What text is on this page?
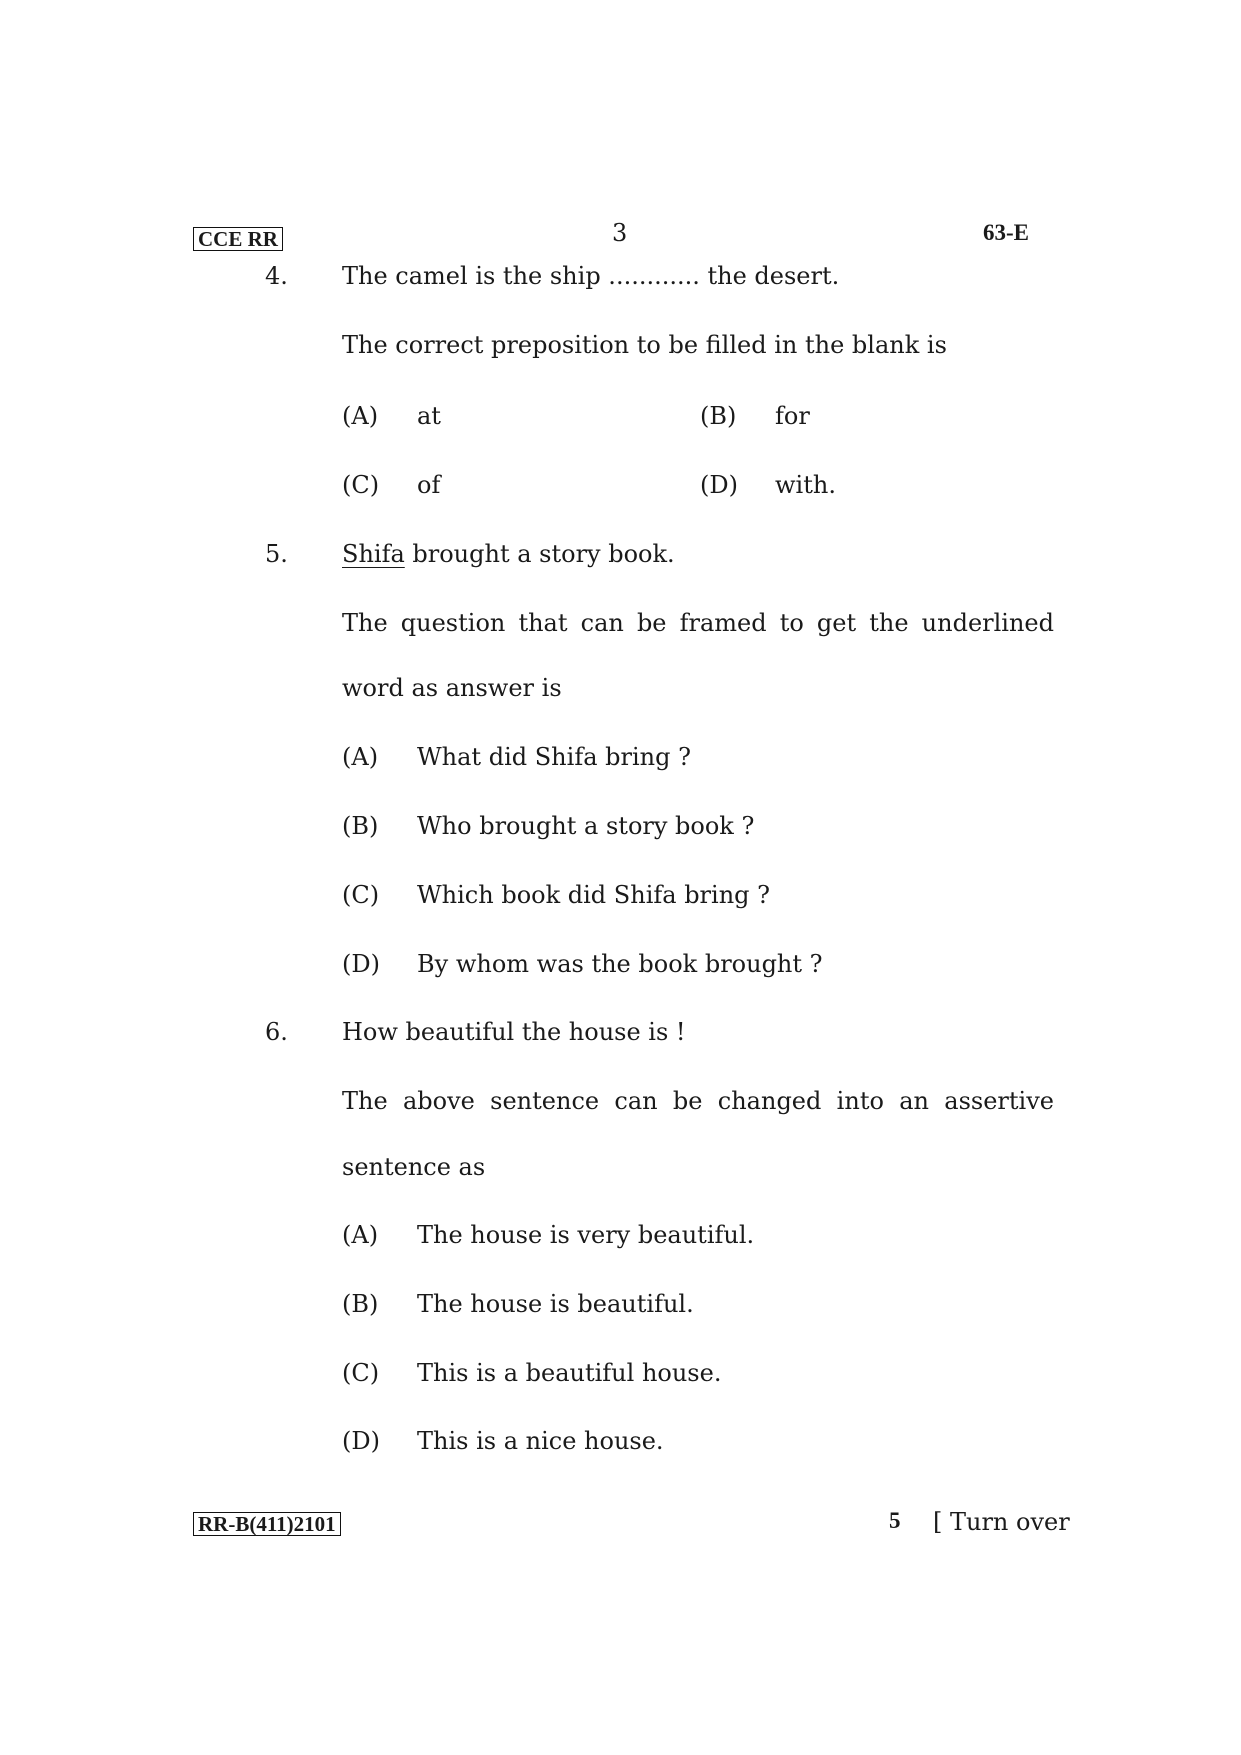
CCE RR	3	63-E
4. The camel is the ship ............ the desert.
The correct preposition to be filled in the blank is
(A) at	(B) for
(C) of	(D) with.
5. Shifa brought a story book.
The question that can be framed to get the underlined
word as answer is
(A) What did Shifa bring ?
(B) Who brought a story book ?
(C) Which book did Shifa bring ?
(D) By whom was the book brought ?
6. How beautiful the house is !
The above sentence can be changed into an assertive
sentence as
(A) The house is very beautiful.
(B) The house is beautiful.
(C) This is a beautiful house.
(D) This is a nice house.
RR-B(411)2101	5 [ Turn over
